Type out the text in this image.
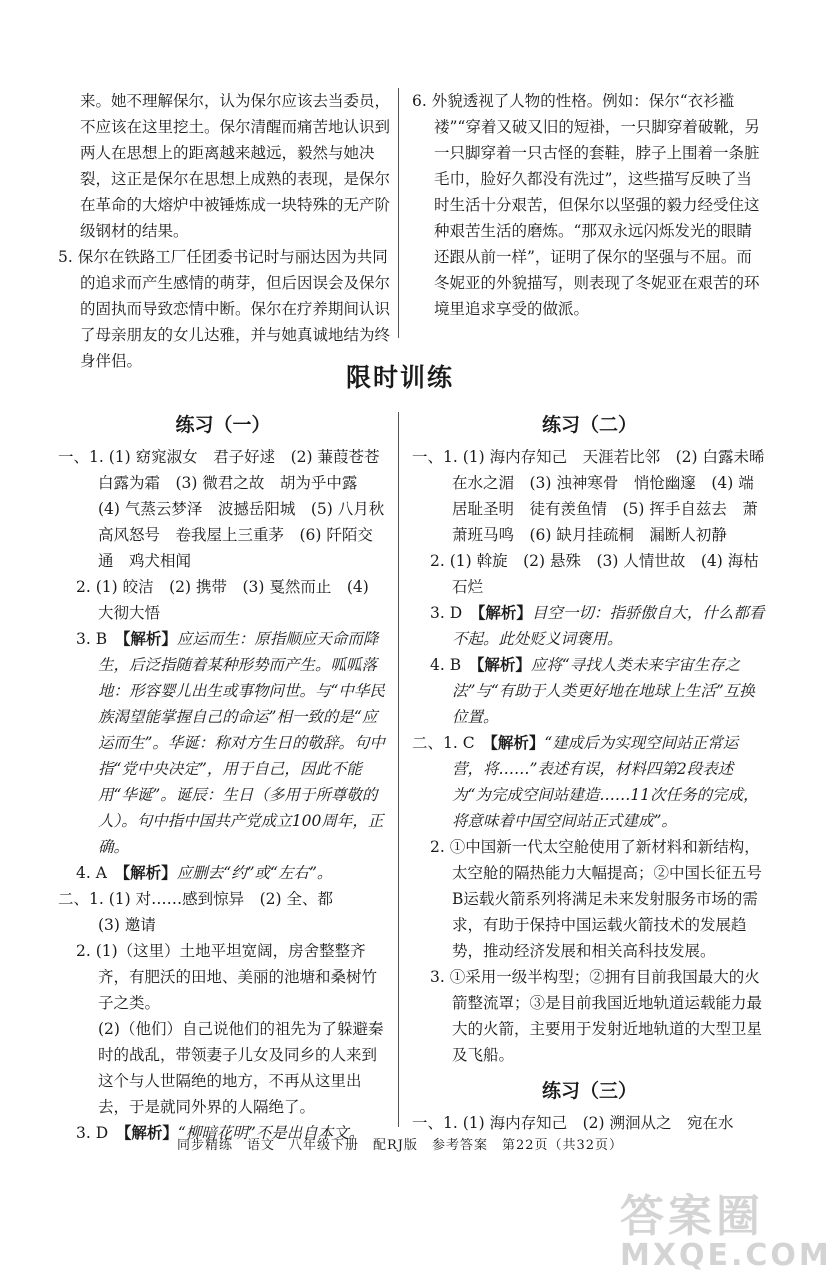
来。她不理解保尔，认为保尔应该去当委员，不应该在这里挖土。保尔清醒而痛苦地认识到两人在思想上的距离越来越远，毅然与她决裂，这正是保尔在思想上成熟的表现，是保尔在革命的大熔炉中被锤炼成一块特殊的无产阶级钢材的结果。

5. 保尔在铁路工厂任团委书记时与丽达因为共同的追求而产生感情的萌芽，但后因误会及保尔的固执而导致恋情中断。保尔在疗养期间认识了母亲朋友的女儿达雅，并与她真诚地结为终身伴侣。

6. 外貌透视了人物的性格。例如：保尔“衣衫褴褛”“穿着又破又旧的短褂，一只脚穿着破靴，另一只脚穿着一只古怪的套鞋，脖子上围着一条脏毛巾，脸好久都没有洗过”，这些描写反映了当时生活十分艰苦，但保尔以坚强的毅力经受住这种艰苦生活的磨炼。“那双永远闪烁发光的眼睛还跟从前一样”，证明了保尔的坚强与不屈。而冬妮亚的外貌描写，则表现了冬妮亚在艰苦的环境里追求享受的做派。

限时训练

练习（一）

一、1. (1) 窈窕淑女　君子好逑　(2) 蒹葭苍苍　白露为霜　(3) 微君之故　胡为乎中露　(4) 气蒸云梦泽　波撼岳阳城　(5) 八月秋高风怒号　卷我屋上三重茅　(6) 阡陌交通　鸡犬相闻

2. (1) 皎洁　(2) 携带　(3) 戛然而止　(4) 大彻大悟

3. B　【解析】应运而生：原指顺应天命而降生，后泛指随着某种形势而产生。呱呱落地：形容婴儿出生或事物问世。与“中华民族渴望能掌握自己的命运”相一致的是“应运而生”。华诞：称对方生日的敬辞。句中指“党中央决定”，用于自己，因此不能用“华诞”。诞辰：生日（多用于所尊敬的人）。句中指中国共产党成立100周年，正确。

4. A　【解析】应删去“约”或“左右”。

二、1. (1) 对……感到惊异　(2) 全、都

(3) 邀请

2. (1)（这里）土地平坦宽阔，房舍整整齐齐，有肥沃的田地、美丽的池塘和桑树竹子之类。

(2)（他们）自己说他们的祖先为了躲避秦时的战乱，带领妻子儿女及同乡的人来到这个与人世隔绝的地方，不再从这里出去，于是就同外界的人隔绝了。

3. D　【解析】“柳暗花明”不是出自本文。

练习（二）

一、1. (1) 海内存知己　天涯若比邻　(2) 白露未晞　在水之湄　(3) 浊神寒骨　悄怆幽邃　(4) 端居耻圣明　徒有羡鱼情　(5) 挥手自兹去　萧萧班马鸣　(6) 缺月挂疏桐　漏断人初静

2. (1) 斡旋　(2) 悬殊　(3) 人情世故　(4) 海枯石烂

3. D　【解析】目空一切：指骄傲自大，什么都看不起。此处贬义词褒用。

4. B　【解析】应将“寻找人类未来宇宙生存之法”与“有助于人类更好地在地球上生活”互换位置。

二、1. C　【解析】“建成后为实现空间站正常运营，将……”表述有误，材料四第2段表述为“为完成空间站建造……11次任务的完成，将意味着中国空间站正式建成”。

2. ①中国新一代太空舱使用了新材料和新结构，太空舱的隔热能力大幅提高；②中国长征五号B运载火箭系列将满足未来发射服务市场的需求，有助于保持中国运载火箭技术的发展趋势，推动经济发展和相关高科技发展。

3. ①采用一级半构型；②拥有目前我国最大的火箭整流罩；③是目前我国近地轨道运载能力最大的火箭，主要用于发射近地轨道的大型卫星及飞船。

练习（三）

一、1. (1) 海内存知己　(2) 溯洄从之　宛在水

同步精练　语文　八年级下册　配RJ版　参考答案　第22页（共32页）
答案圈
MXQE.COM
